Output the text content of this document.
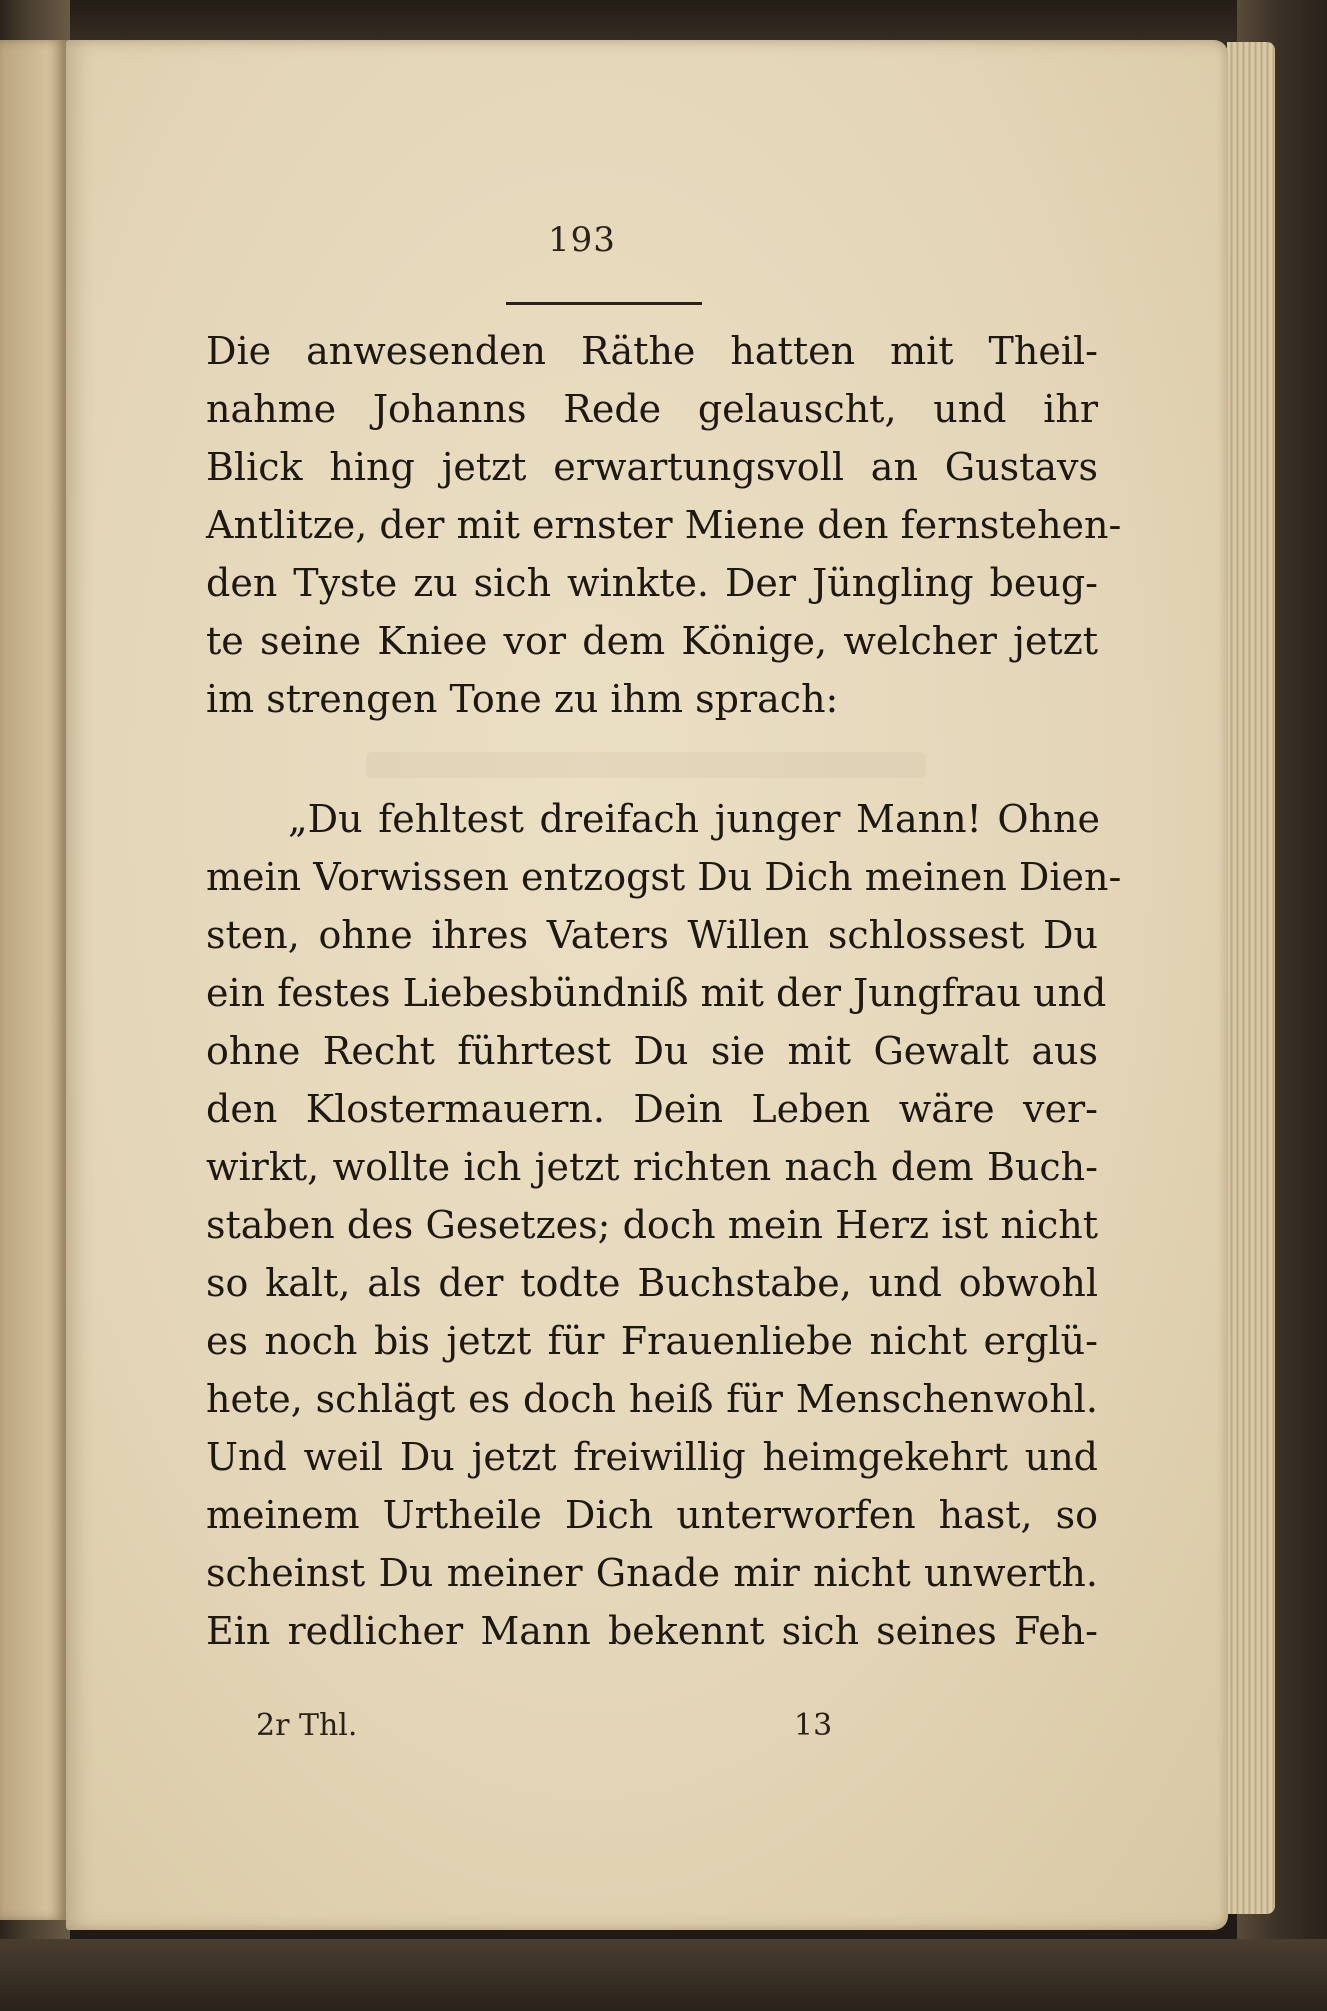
193
Die anwesenden Räthe hatten mit Theil-
nahme Johanns Rede gelauscht, und ihr
Blick hing jetzt erwartungsvoll an Gustavs
Antlitze, der mit ernster Miene den fernstehen-
den Tyste zu sich winkte. Der Jüngling beug-
te seine Kniee vor dem Könige, welcher jetzt
im strengen Tone zu ihm sprach:
„Du fehltest dreifach junger Mann! Ohne
mein Vorwissen entzogst Du Dich meinen Dien-
sten, ohne ihres Vaters Willen schlossest Du
ein festes Liebesbündniß mit der Jungfrau und
ohne Recht führtest Du sie mit Gewalt aus
den Klostermauern. Dein Leben wäre ver-
wirkt, wollte ich jetzt richten nach dem Buch-
staben des Gesetzes; doch mein Herz ist nicht
so kalt, als der todte Buchstabe, und obwohl
es noch bis jetzt für Frauenliebe nicht erglü-
hete, schlägt es doch heiß für Menschenwohl.
Und weil Du jetzt freiwillig heimgekehrt und
meinem Urtheile Dich unterworfen hast, so
scheinst Du meiner Gnade mir nicht unwerth.
Ein redlicher Mann bekennt sich seines Feh-
2r Thl.	13
